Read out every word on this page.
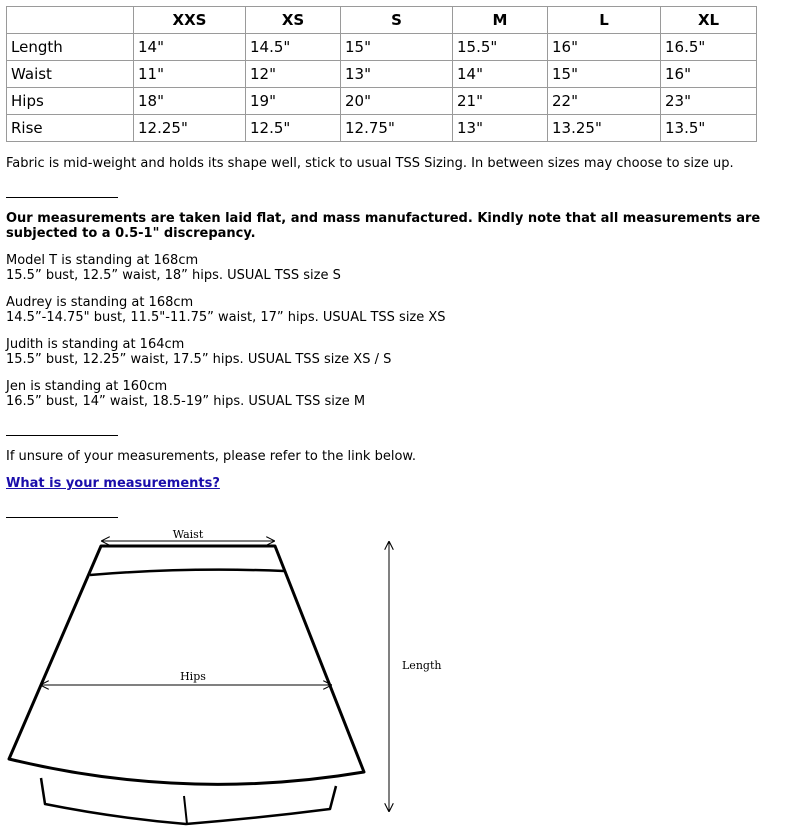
	XXS	XS	S	M	L	XL
Length	14"	14.5"	15"	15.5"	16"	16.5"
Waist	11"	12"	13"	14"	15"	16"
Hips	18"	19"	20"	21"	22"	23"
Rise	12.25"	12.5"	12.75"	13"	13.25"	13.5"

Fabric is mid-weight and holds its shape well, stick to usual TSS Sizing. In between sizes may choose to size up.

Our measurements are taken laid flat, and mass manufactured. Kindly note that all measurements are subjected to a 0.5-1" discrepancy.

Model T is standing at 168cm

15.5” bust, 12.5” waist, 18” hips. USUAL TSS size S

Audrey is standing at 168cm

14.5”-14.75" bust, 11.5"-11.75” waist, 17” hips. USUAL TSS size XS

Judith is standing at 164cm

15.5” bust, 12.25” waist, 17.5” hips. USUAL TSS size XS / S

Jen is standing at 160cm

16.5” bust, 14” waist, 18.5-19” hips. USUAL TSS size M

If unsure of your measurements, please refer to the link below.

What is your measurements?

Waist
Hips
Length
